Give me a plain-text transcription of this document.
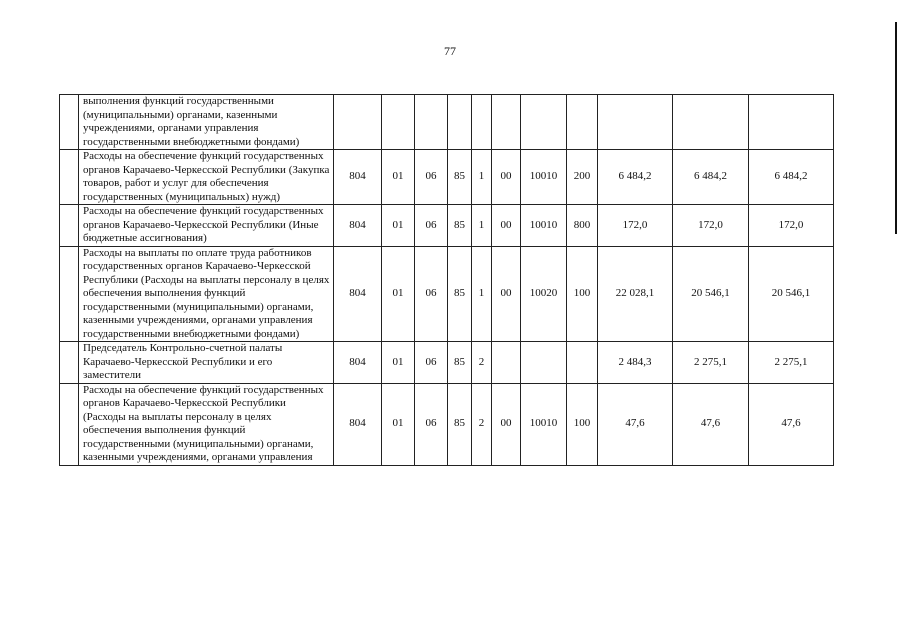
77
	выполнения функций государственными (муниципальными) органами, казенными учреждениями, органами управления государственными внебюджетными фондами)											
	Расходы на обеспечение функций государственных органов Карачаево-Черкесской Республики (Закупка товаров, работ и услуг для обеспечения государственных (муниципальных) нужд)	804	01	06	85	1	00	10010	200	6 484,2	6 484,2	6 484,2
	Расходы на обеспечение функций государственных органов Карачаево-Черкесской Республики (Иные бюджетные ассигнования)	804	01	06	85	1	00	10010	800	172,0	172,0	172,0
	Расходы на выплаты по оплате труда работников государственных органов Карачаево-Черкесской Республики (Расходы на выплаты персоналу в целях обеспечения выполнения функций государственными (муниципальными) органами, казенными учреждениями, органами управления государственными внебюджетными фондами)	804	01	06	85	1	00	10020	100	22 028,1	20 546,1	20 546,1
	Председатель Контрольно-счетной палаты Карачаево-Черкесской Республики и его заместители	804	01	06	85	2				2 484,3	2 275,1	2 275,1
	Расходы на обеспечение функций государственных органов Карачаево-Черкесской Республики (Расходы на выплаты персоналу в целях обеспечения выполнения функций государственными (муниципальными) органами, казенными учреждениями, органами управления	804	01	06	85	2	00	10010	100	47,6	47,6	47,6
